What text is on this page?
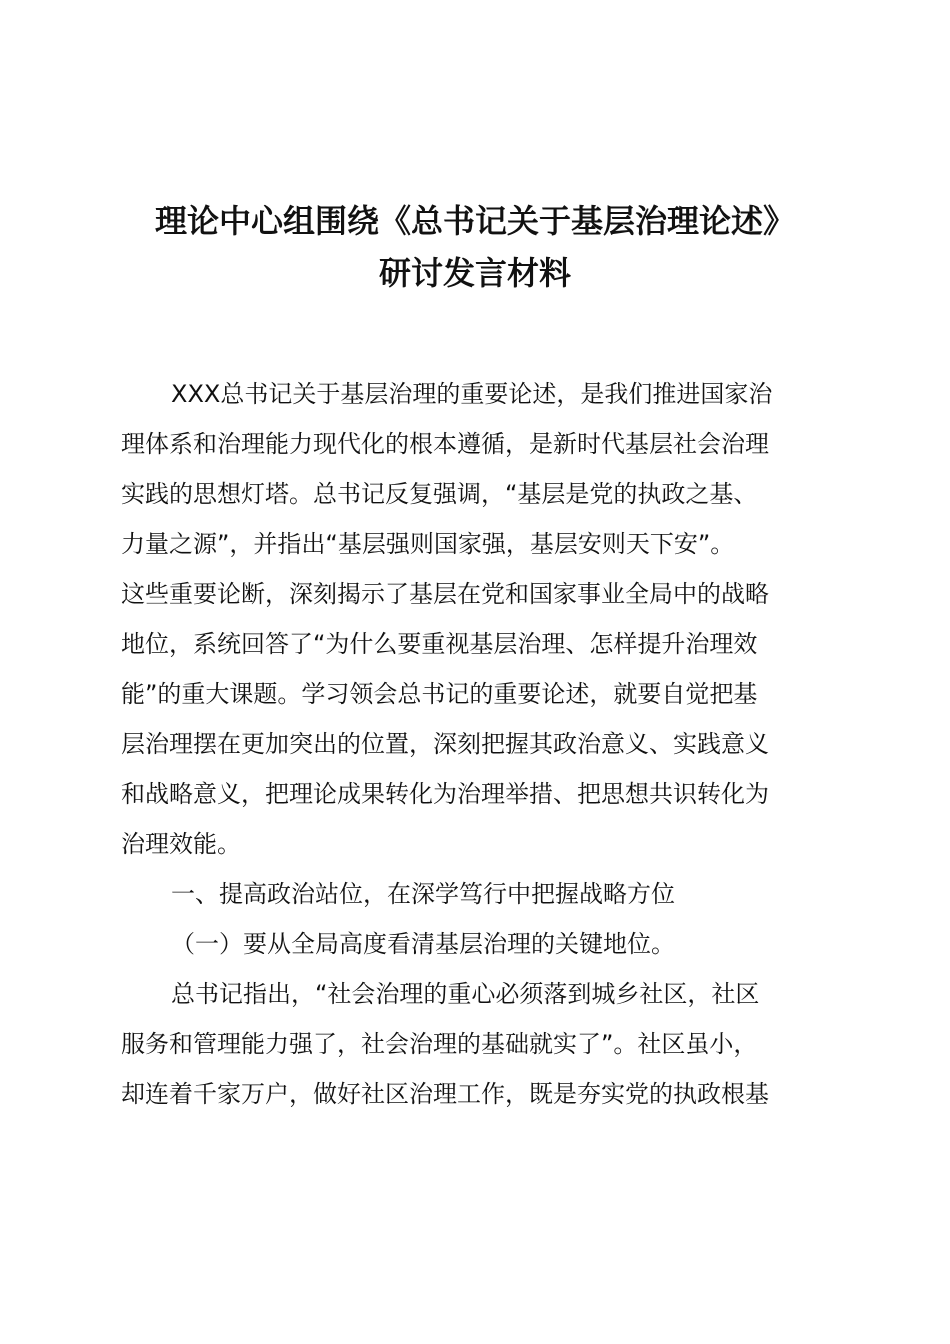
理论中心组围绕《总书记关于基层治理论述》
研讨发言材料
XXX总书记关于基层治理的重要论述，是我们推进国家治
理体系和治理能力现代化的根本遵循，是新时代基层社会治理
实践的思想灯塔。总书记反复强调，“基层是党的执政之基、
力量之源”，并指出“基层强则国家强，基层安则天下安”。
这些重要论断，深刻揭示了基层在党和国家事业全局中的战略
地位，系统回答了“为什么要重视基层治理、怎样提升治理效
能”的重大课题。学习领会总书记的重要论述，就要自觉把基
层治理摆在更加突出的位置，深刻把握其政治意义、实践意义
和战略意义，把理论成果转化为治理举措、把思想共识转化为
治理效能。
一、提高政治站位，在深学笃行中把握战略方位
（一）要从全局高度看清基层治理的关键地位。
总书记指出，“社会治理的重心必须落到城乡社区，社区
服务和管理能力强了，社会治理的基础就实了”。社区虽小，
却连着千家万户，做好社区治理工作，既是夯实党的执政根基
